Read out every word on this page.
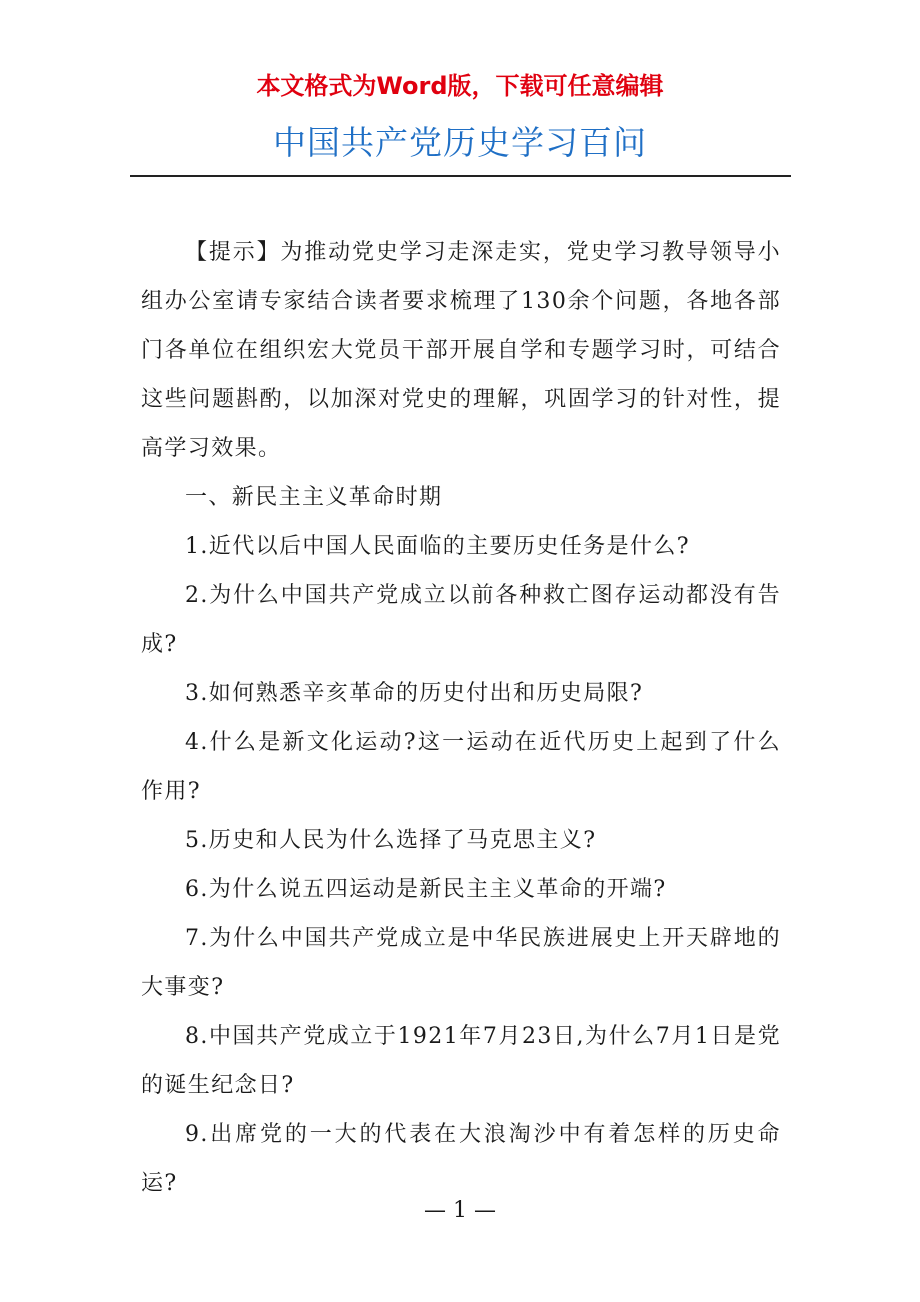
本文格式为Word版，下载可任意编辑
中国共产党历史学习百问

【提示】为推动党史学习走深走实，党史学习教导领导小组办公室请专家结合读者要求梳理了130余个问题，各地各部门各单位在组织宏大党员干部开展自学和专题学习时，可结合这些问题斟酌，以加深对党史的理解，巩固学习的针对性，提高学习效果。

一、新民主主义革命时期

1.近代以后中国人民面临的主要历史任务是什么?

2.为什么中国共产党成立以前各种救亡图存运动都没有告成?

3.如何熟悉辛亥革命的历史付出和历史局限?

4.什么是新文化运动?这一运动在近代历史上起到了什么作用?

5.历史和人民为什么选择了马克思主义?

6.为什么说五四运动是新民主主义革命的开端?

7.为什么中国共产党成立是中华民族进展史上开天辟地的大事变?

8.中国共产党成立于1921年7月23日,为什么7月1日是党的诞生纪念日?

9.出席党的一大的代表在大浪淘沙中有着怎样的历史命运?

— 1 —
